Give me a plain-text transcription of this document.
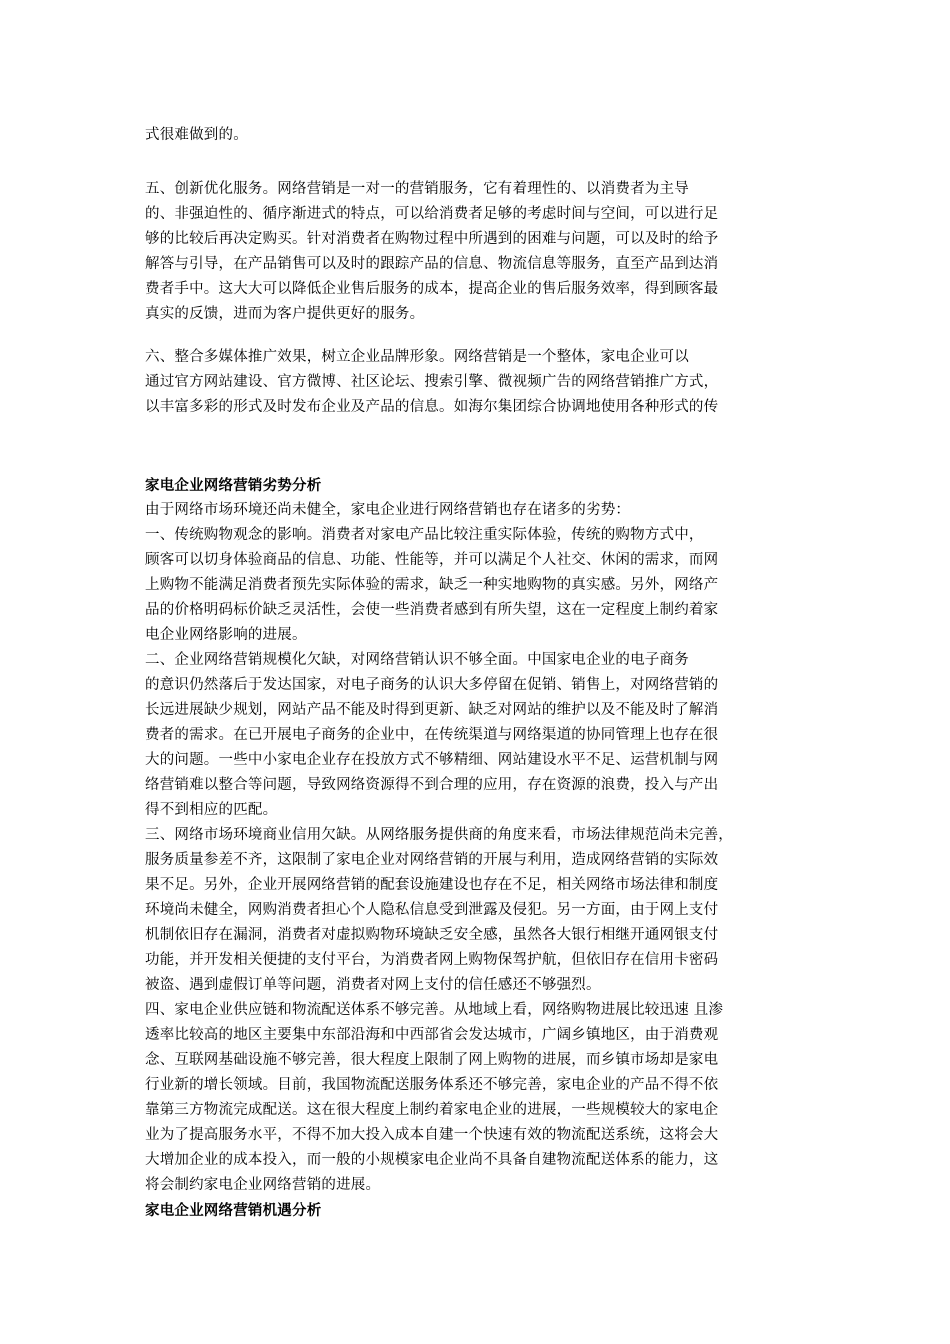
式很难做到的。
五、创新优化服务。网络营销是一对一的营销服务，它有着理性的、以消费者为主导
的、非强迫性的、循序渐进式的特点，可以给消费者足够的考虑时间与空间，可以进行足
够的比较后再决定购买。针对消费者在购物过程中所遇到的困难与问题，可以及时的给予
解答与引导，在产品销售可以及时的跟踪产品的信息、物流信息等服务，直至产品到达消
费者手中。这大大可以降低企业售后服务的成本，提高企业的售后服务效率，得到顾客最
真实的反馈，进而为客户提供更好的服务。
六、整合多媒体推广效果，树立企业品牌形象。网络营销是一个整体，家电企业可以
通过官方网站建设、官方微博、社区论坛、搜索引擎、微视频广告的网络营销推广方式，
以丰富多彩的形式及时发布企业及产品的信息。如海尔集团综合协调地使用各种形式的传
家电企业网络营销劣势分析
由于网络市场环境还尚未健全，家电企业进行网络营销也存在诸多的劣势：
一、传统购物观念的影响。消费者对家电产品比较注重实际体验，传统的购物方式中，
顾客可以切身体验商品的信息、功能、性能等，并可以满足个人社交、休闲的需求，而网
上购物不能满足消费者预先实际体验的需求，缺乏一种实地购物的真实感。另外，网络产
品的价格明码标价缺乏灵活性，会使一些消费者感到有所失望，这在一定程度上制约着家
电企业网络影响的进展。
二、企业网络营销规模化欠缺，对网络营销认识不够全面。中国家电企业的电子商务
的意识仍然落后于发达国家，对电子商务的认识大多停留在促销、销售上，对网络营销的
长远进展缺少规划，网站产品不能及时得到更新、缺乏对网站的维护以及不能及时了解消
费者的需求。在已开展电子商务的企业中，在传统渠道与网络渠道的协同管理上也存在很
大的问题。一些中小家电企业存在投放方式不够精细、网站建设水平不足、运营机制与网
络营销难以整合等问题，导致网络资源得不到合理的应用，存在资源的浪费，投入与产出
得不到相应的匹配。
三、网络市场环境商业信用欠缺。从网络服务提供商的角度来看，市场法律规范尚未完善，
服务质量参差不齐，这限制了家电企业对网络营销的开展与利用，造成网络营销的实际效
果不足。另外，企业开展网络营销的配套设施建设也存在不足，相关网络市场法律和制度
环境尚未健全，网购消费者担心个人隐私信息受到泄露及侵犯。另一方面，由于网上支付
机制依旧存在漏洞，消费者对虚拟购物环境缺乏安全感，虽然各大银行相继开通网银支付
功能，并开发相关便捷的支付平台，为消费者网上购物保驾护航，但依旧存在信用卡密码
被盗、遇到虚假订单等问题，消费者对网上支付的信任感还不够强烈。
四、家电企业供应链和物流配送体系不够完善。从地域上看，网络购物进展比较迅速 且渗
透率比较高的地区主要集中东部沿海和中西部省会发达城市，广阔乡镇地区，由于消费观
念、互联网基础设施不够完善，很大程度上限制了网上购物的进展，而乡镇市场却是家电
行业新的增长领域。目前，我国物流配送服务体系还不够完善，家电企业的产品不得不依
靠第三方物流完成配送。这在很大程度上制约着家电企业的进展，一些规模较大的家电企
业为了提高服务水平，不得不加大投入成本自建一个快速有效的物流配送系统，这将会大
大增加企业的成本投入，而一般的小规模家电企业尚不具备自建物流配送体系的能力，这
将会制约家电企业网络营销的进展。
家电企业网络营销机遇分析
